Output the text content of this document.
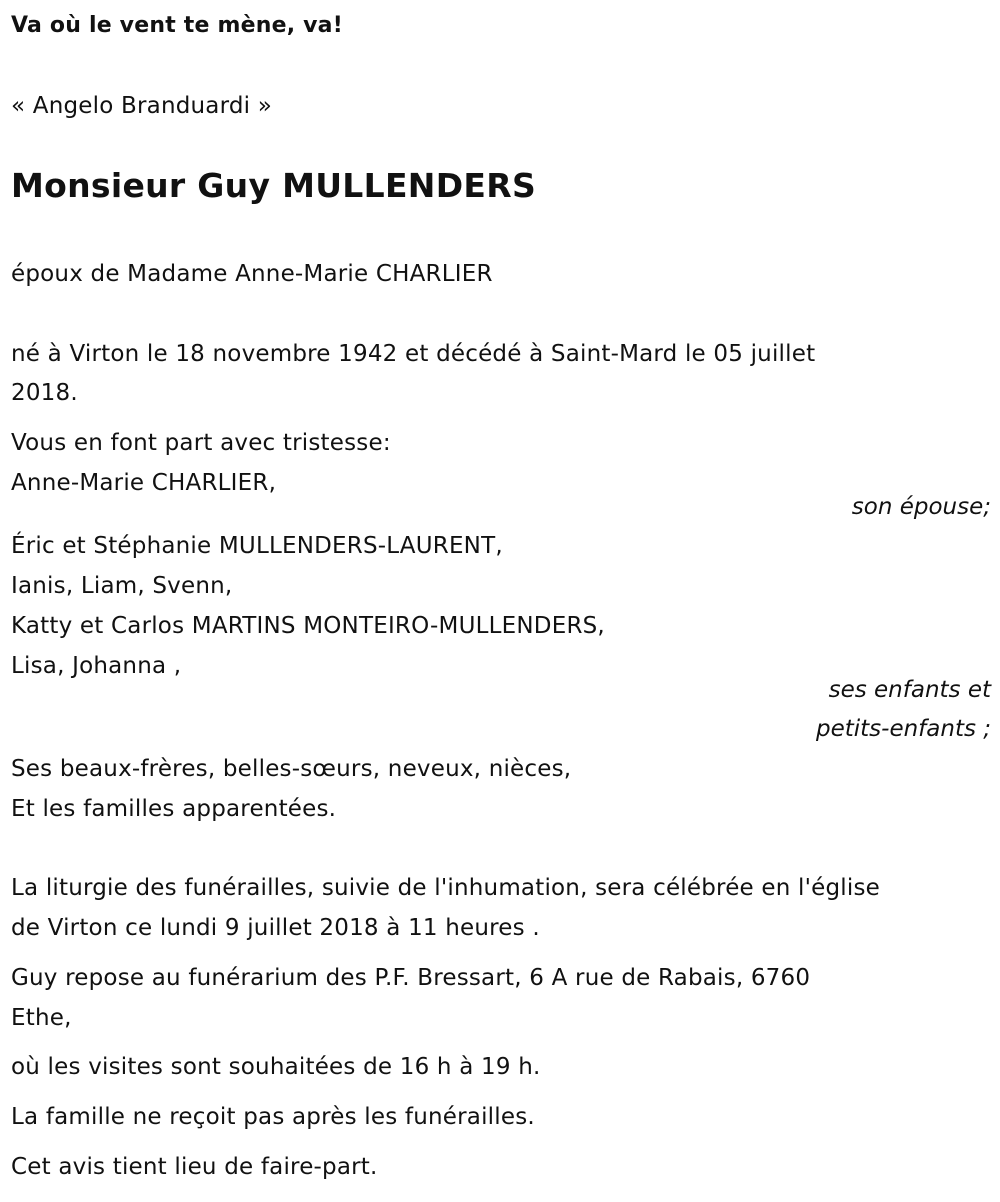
Va où le vent te mène, va!
« Angelo Branduardi »
Monsieur Guy MULLENDERS
époux de Madame Anne-Marie CHARLIER
né à Virton le 18 novembre 1942 et décédé à Saint-Mard le 05 juillet
2018.
Vous en font part avec tristesse:
Anne-Marie CHARLIER,
son épouse;
Éric et Stéphanie MULLENDERS-LAURENT,
Ianis, Liam, Svenn,
Katty et Carlos MARTINS MONTEIRO-MULLENDERS,
Lisa, Johanna ,
ses enfants et
petits-enfants ;
Ses beaux-frères, belles-sœurs, neveux, nièces,
Et les familles apparentées.
La liturgie des funérailles, suivie de l'inhumation, sera célébrée en l'église
de Virton ce lundi 9 juillet 2018 à 11 heures .
Guy repose au funérarium des P.F. Bressart, 6 A rue de Rabais, 6760
Ethe,
où les visites sont souhaitées de 16 h à 19 h.
La famille ne reçoit pas après les funérailles.
Cet avis tient lieu de faire-part.
